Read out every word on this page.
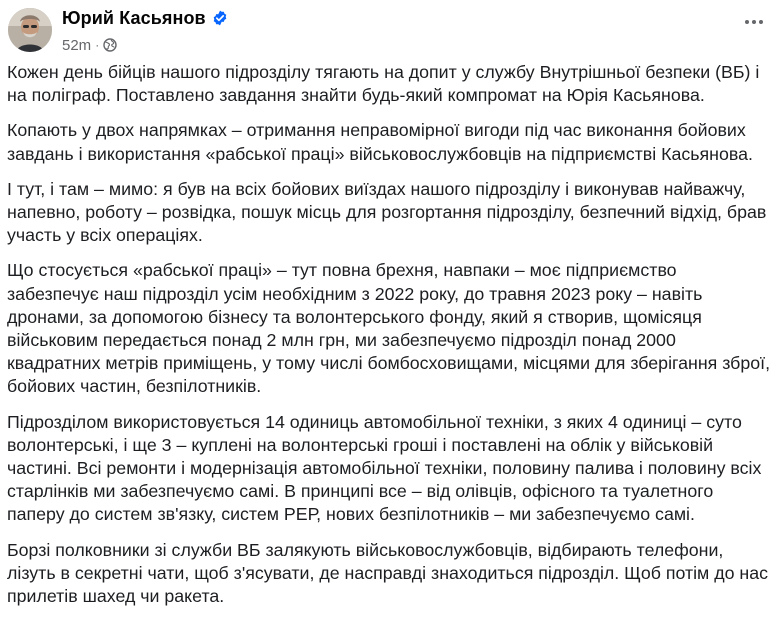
Юрий Касьянов
52m ·

Кожен день бійців нашого підрозділу тягають на допит у службу Внутрішньої безпеки (ВБ) і на поліграф. Поставлено завдання знайти будь-який компромат на Юрія Касьянова.

Копають у двох напрямках – отримання неправомірної вигоди під час виконання бойових завдань і використання «рабської праці» військовослужбовців на підприємстві Касьянова.

І тут, і там – мимо: я був на всіх бойових виїздах нашого підрозділу і виконував найважчу, напевно, роботу – розвідка, пошук місць для розгортання підрозділу, безпечний відхід, брав участь у всіх операціях.

Що стосується «рабської праці» – тут повна брехня, навпаки – моє підприємство забезпечує наш підрозділ усім необхідним з 2022 року, до травня 2023 року – навіть дронами, за допомогою бізнесу та волонтерського фонду, який я створив, щомісяця військовим передається понад 2 млн грн, ми забезпечуємо підрозділ понад 2000 квадратних метрів приміщень, у тому числі бомбосховищами, місцями для зберігання зброї, бойових частин, безпілотників.

Підрозділом використовується 14 одиниць автомобільної техніки, з яких 4 одиниці – суто волонтерські, і ще 3 – куплені на волонтерські гроші і поставлені на облік у військовій частині. Всі ремонти і модернізація автомобільної техніки, половину палива і половину всіх старлінків ми забезпечуємо самі. В принципі все – від олівців, офісного та туалетного паперу до систем зв'язку, систем РЕР, нових безпілотників – ми забезпечуємо самі.

Борзі полковники зі служби ВБ залякують військовослужбовців, відбирають телефони, лізуть в секретні чати, щоб з'ясувати, де насправді знаходиться підрозділ. Щоб потім до нас прилетів шахед чи ракета.
